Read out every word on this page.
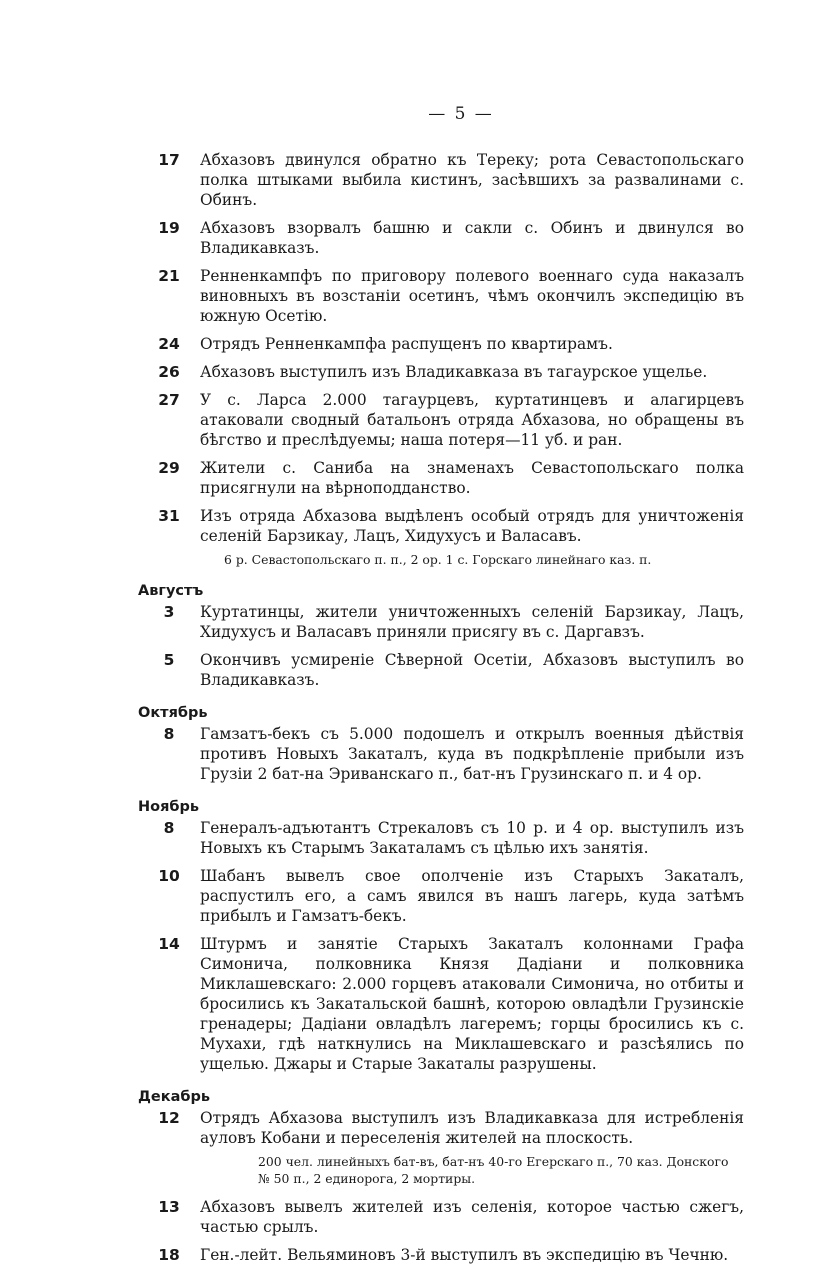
— 5 —
17	Абхазовъ двинулся обратно къ Тереку; рота Севастопольскаго полка штыками выбила кистинъ, засѣвшихъ за развалинами с. Обинъ.
19	Абхазовъ взорвалъ башню и сакли с. Обинъ и двинулся во Владикавказъ.
21	Ренненкампфъ по приговору полевого военнаго суда наказалъ виновныхъ въ возстаніи осетинъ, чѣмъ окончилъ экспедицію въ южную Осетію.
24	Отрядъ Ренненкампфа распущенъ по квартирамъ.
26	Абхазовъ выступилъ изъ Владикавказа въ тагаурское ущелье.
27	У с. Ларса 2.000 тагаурцевъ, куртатинцевъ и алагирцевъ атаковали сводный батальонъ отряда Абхазова, но обращены въ бѣгство и преслѣдуемы; наша потеря—11 уб. и ран.
29	Жители с. Санибa на знаменахъ Севастопольскаго полка присягнули на вѣрноподданство.
31	Изъ отряда Абхазова выдѣленъ особый отрядъ для уничтоженія селеній Барзикау, Лацъ, Хидухусъ и Валасавъ.
6 р. Севастопольскаго п. п., 2 ор. 1 с. Горскаго линейнаго каз. п.
Августъ
3	Куртатинцы, жители уничтоженныхъ селеній Барзикау, Лацъ, Хидухусъ и Валасавъ приняли присягу въ с. Даргавзъ.
5	Окончивъ усмиреніе Сѣверной Осетіи, Абхазовъ выступилъ во Владикавказъ.
Октябрь
8	Гамзатъ-бекъ съ 5.000 подошелъ и открылъ военныя дѣйствія противъ Новыхъ Закаталъ, куда въ подкрѣпленіе прибыли изъ Грузіи 2 бат-на Эриванскаго п., бат-нъ Грузинскаго п. и 4 ор.
Ноябрь
8	Генералъ-адъютантъ Стрекаловъ съ 10 р. и 4 ор. выступилъ изъ Новыхъ къ Старымъ Закаталамъ съ цѣлью ихъ занятія.
10	Шабанъ вывелъ свое ополченіе изъ Старыхъ Закаталъ, распустилъ его, а самъ явился въ нашъ лагерь, куда затѣмъ прибылъ и Гамзатъ-бекъ.
14	Штурмъ и занятіе Старыхъ Закаталъ колоннами Графа Симонича, полковника Князя Дадіани и полковника Миклашевскаго: 2.000 горцевъ атаковали Симонича, но отбиты и бросились къ Закатальской башнѣ, которою овладѣли Грузинскіе гренадеры; Дадіани овладѣлъ лагеремъ; горцы бросились къ с. Мухахи, гдѣ наткнулись на Миклашевскаго и разсѣялись по ущелью. Джары и Старые Закаталы разрушены.
Декабрь
12	Отрядъ Абхазова выступилъ изъ Владикавказа для истребленія ауловъ Кобани и переселенія жителей на плоскость.
200 чел. линейныхъ бат-въ, бат-нъ 40-го Егерскаго п., 70 каз. Донского № 50 п., 2 единорога, 2 мортиры.
13	Абхазовъ вывелъ жителей изъ селенія, которое частью сжегъ, частью срылъ.
18	Ген.-лейт. Вельяминовъ 3-й выступилъ въ экспедицію въ Чечню.
